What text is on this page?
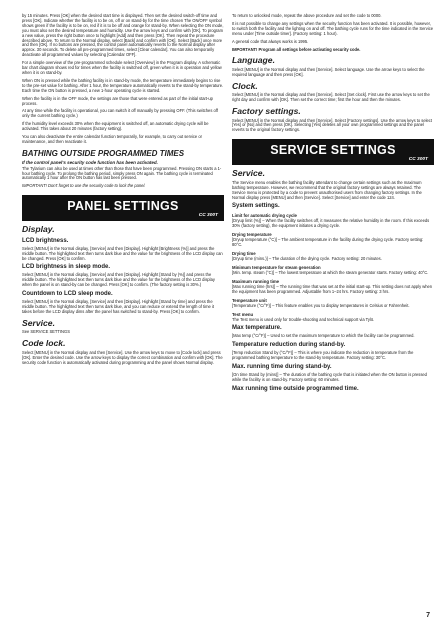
by 15 minutes. Press [OK] when the desired start time is displayed. Then set the desired switch-off time and press [OK]. Indicate whether the facility is to be on, off or on stand-by for the time chosen The ON/OFF symbol shows green if the facility is to be on, red if it is to be off and orange for stand-by. When selecting the ON mode, you must also set the desired temperature and humidity. Use the arrow keys and confirm with [OK]. To program a new value, press the right button once to highlight [Add] and then press [OK]. Then repeat the procedure described above. To return to the Normal display, select [Back] and confirm with [OK]. Select [Back] once more and then [OK]. If no buttons are pressed, the control panel automatically reverts to the Normal display after approx. 30 seconds. To delete all pre-programmed times, select [Clear calendar]. You can also temporarily deactivate all programmed values by selecting [Calendar OFF].

For a simple overview of the pre-programmed schedule select [Overview] in the Program display. A schematic bar chart diagram shows red for times when the facility is switched off, green when it is in operation and yellow when it is on stand-by.

When ON is pressed while the bathing facility is in stand-by mode, the temperature immediately begins to rise to the pre-set value for bathing. After 1 hour, the temperature automatically reverts to the stand-by temperature. Each time the ON button is pressed, a new 1-hour operating cycle is started.

When the facility is in the OFF mode, the settings are those that were entered as part of the initial start-up process.

At any time while the facility is operational, you can switch it off manually by pressing OFF. (This switches off only the current bathing cycle.)

If the humidity level exceeds 30% when the equipment is switched off, an automatic drying cycle will be activated. This takes about 20 minutes (factory setting).

You can also deactivate the entire calendar function temporarily, for example, to carry out service or maintenance, and then reactivate it.

BATHING OUTSIDE PROGRAMMED TIMES

If the control panel's security code function has been activated.

The Tylarium can also be used at times other than those that have been programmed. Pressing ON starts a 1-hour bathing cycle. To prolong the bathing period, simply press ON again. The bathing cycle is terminated automatically 1 hour after the ON button has last been pressed.

IMPORTANT! Don't forget to use the security code to lock the panel.

PANEL SETTINGS
CC 300T
Display.
LCD brightness.

Select [MENU] in the Normal display, [Service] and then [Display]. Highlight [Brightness (%)] and press the middle button. The highlighted text then turns dark blue and the value for the brightness of the LCD display can be changed. Press [OK] to confirm.

LCD brightness in sleep mode.

Select [MENU] in the Normal display, [Service] and then [Display]. Highlight [Stand by (%)] and press the middle button. The highlighted text then turns dark blue and the value for the brightness of the LCD display when the panel is on stand-by can be changed. Press [OK] to confirm. (The factory setting is 30%.)

Countdown to LCD sleep mode.

Select [MENU] in the Normal display, [Service] and then [Display]. Highlight [Stand by time] and press the middle button. The highlighted text then turns dark blue, and you can reduce or extend the length of time it takes before the LCD display dims after the panel has switched to stand-by. Press [OK] to confirm.

Service.

See SERVICE SETTINGS

Code lock.

Select [MENU] in the Normal display and then [Service]. Use the arrow keys to move to [Code lock] and press [OK]. Enter the desired code. Use the arrow keys to display the correct combination and confirm with [OK]. The security code function is automatically activated during programming and the panel shows Normal display.

To return to unlocked mode, repeat the above procedure and set the code to 0000.

It is not possible to change any settings when the security function has been activated. It is possible, however, to switch both the facility and the lighting on and off. The bathing cycle runs for the time indicated in the Service menu under [Time outside timer]. (Factory setting: 1 hour).

A general code that always works is 1995.

IMPORTANT! Program all settings before activating security code.

Language.

Select [MENU] in the Normal display and then [Service]. Select language. Use the arrow keys to select the required language and then press [OK].

Clock.

Select [MENU] in the Normal display and then [Service]. Select [Set clock]. First use the arrow keys to set the right day and confirm with [OK]. Then set the correct time; first the hour and then the minutes.

Factory settings.

Select [MENU] in the Normal display and then [Service]. Select [Factory settings]. Use the arrow keys to select [Yes] or [No] and then press [OK]. Selecting [Yes] deletes all your own programmed settings and the panel reverts to the original factory settings.

SERVICE SETTINGS
CC 300T
Service.

The Service menu enables the bathing facility attendant to change certain settings such as the maximum bathing temperature. However, we recommend that the original factory settings are always retained. The Service menu is protected by a code to prevent unauthorised users from changing factory settings. In the Normal display press [MENU] and then [Service]. Select [Service] and enter the code 124.

System settings.
Limit for automatic drying cycle

[Dryup limit (%)] – When the facility switches off, it measures the relative humidity in the room. If this exceeds 30% (factory setting), the equipment initiates a drying cycle.

Drying temperature

[Dryup temperature (°C)] – The ambient temperature in the facility during the drying cycle. Factory setting: 80°C.

Drying time

[Dryup time (mins.)] – The duration of the drying cycle. Factory setting: 20 minutes.

Minimum temperature for steam generation

[Min. temp. steam (°C)] – The lowest temperature at which the steam generator starts. Factory setting: 40°C.

Maximum running time

[Max running time (hrs)] – The running time that was set at the initial start-up. This setting does not apply when the equipment has been programmed. Adjustable from 1–24 hrs. Factory setting: 3 hrs.

Temperature unit

[Temperature (°C/°F)] – This feature enables you to display temperatures in Celsius or Fahrenheit.

Test menu

The Test menu is used only for trouble-shooting and technical support via Tylö.

Max temperature.

[Max temp (°C/°F)] – Used to set the maximum temperature to which the facility can be programmed.

Temperature reduction during stand-by.

[Temp reduction Stand by (°C/°F)] – This is where you indicate the reduction in temperature from the programmed bathing temperature to the stand-by temperature. Factory setting: 30°C.

Max. running time during stand-by.

[On time Stand by (mins)] – The duration of the bathing cycle that is initiated when the ON button is pressed while the facility is on stand-by. Factory setting: 60 minutes.

Max running time outside programmed time.
7
